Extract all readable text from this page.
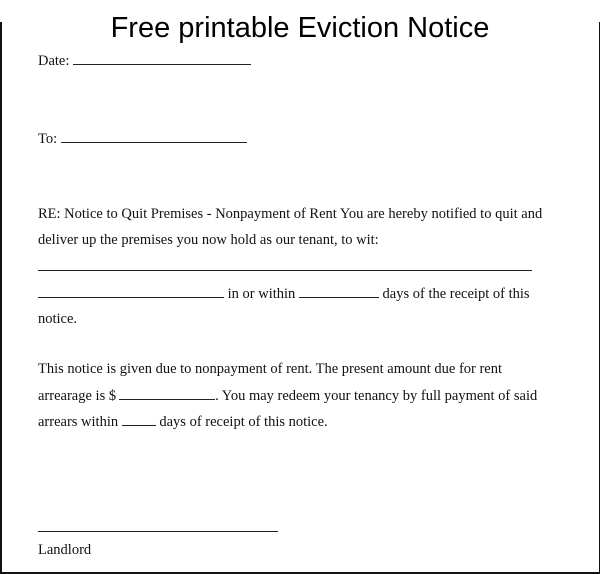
Free printable Eviction Notice
Date:
To:
RE: Notice to Quit Premises - Nonpayment of Rent You are hereby notified to quit and
deliver up the premises you now hold as our tenant, to wit:
in or within	days of the receipt of this
notice.
This notice is given due to nonpayment of rent. The present amount due for rent
arrearage is $	. You may redeem your tenancy by full payment of said
arrears within	days of receipt of this notice.
Landlord
